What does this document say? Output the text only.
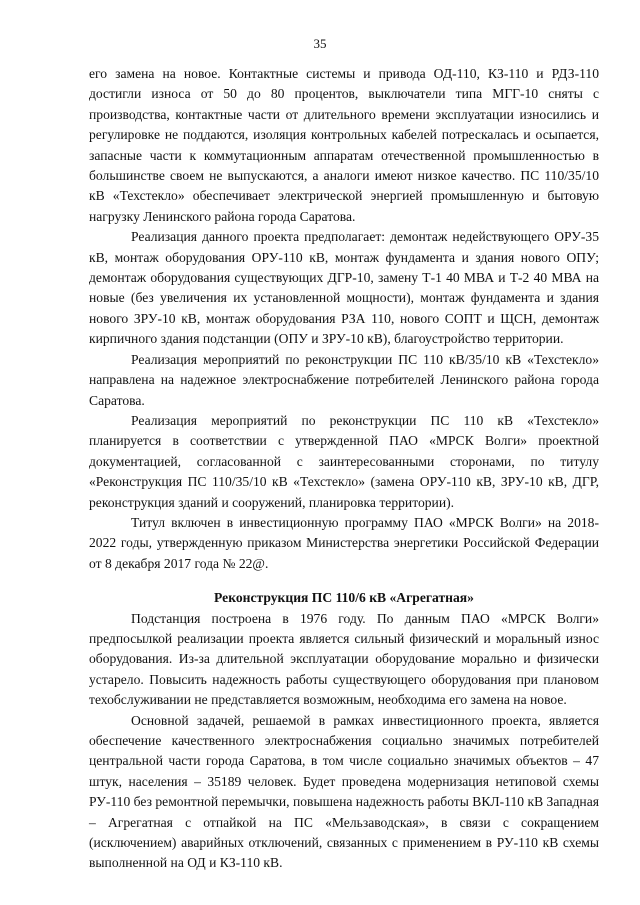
35

его замена на новое. Контактные системы и привода ОД-110, КЗ-110 и РДЗ-110 достигли износа от 50 до 80 процентов, выключатели типа МГГ-10 сняты с производства, контактные части от длительного времени эксплуатации износились и регулировке не поддаются, изоляция контрольных кабелей потрескалась и осыпается, запасные части к коммутационным аппаратам отечественной промышленностью в большинстве своем не выпускаются, а аналоги имеют низкое качество. ПС 110/35/10 кВ «Техстекло» обеспечивает электрической энергией промышленную и бытовую нагрузку Ленинского района города Саратова.

Реализация данного проекта предполагает: демонтаж недействующего ОРУ-35 кВ, монтаж оборудования ОРУ-110 кВ, монтаж фундамента и здания нового ОПУ; демонтаж оборудования существующих ДГР-10, замену Т-1 40 МВА и Т-2 40 МВА на новые (без увеличения их установленной мощности), монтаж фундамента и здания нового ЗРУ-10 кВ, монтаж оборудования РЗА 110, нового СОПТ и ЩСН, демонтаж кирпичного здания подстанции (ОПУ и ЗРУ-10 кВ), благоустройство территории.

Реализация мероприятий по реконструкции ПС 110 кВ/35/10 кВ «Техстекло» направлена на надежное электроснабжение потребителей Ленинского района города Саратова.

Реализация мероприятий по реконструкции ПС 110 кВ «Техстекло» планируется в соответствии с утвержденной ПАО «МРСК Волги» проектной документацией, согласованной с заинтересованными сторонами, по титулу «Реконструкция ПС 110/35/10 кВ «Техстекло» (замена ОРУ-110 кВ, ЗРУ-10 кВ, ДГР, реконструкция зданий и сооружений, планировка территории).

Титул включен в инвестиционную программу ПАО «МРСК Волги» на 2018-2022 годы, утвержденную приказом Министерства энергетики Российской Федерации от 8 декабря 2017 года № 22@.

Реконструкция ПС 110/6 кВ «Агрегатная»

Подстанция построена в 1976 году. По данным ПАО «МРСК Волги» предпосылкой реализации проекта является сильный физический и моральный износ оборудования. Из-за длительной эксплуатации оборудование морально и физически устарело. Повысить надежность работы существующего оборудования при плановом техобслуживании не представляется возможным, необходима его замена на новое.

Основной задачей, решаемой в рамках инвестиционного проекта, является обеспечение качественного электроснабжения социально значимых потребителей центральной части города Саратова, в том числе социально значимых объектов – 47 штук, населения – 35189 человек. Будет проведена модернизация нетиповой схемы РУ-110 без ремонтной перемычки, повышена надежность работы ВКЛ-110 кВ Западная – Агрегатная с отпайкой на ПС «Мельзаводская», в связи с сокращением (исключением) аварийных отключений, связанных с применением в РУ-110 кВ схемы выполненной на ОД и КЗ-110 кВ.
